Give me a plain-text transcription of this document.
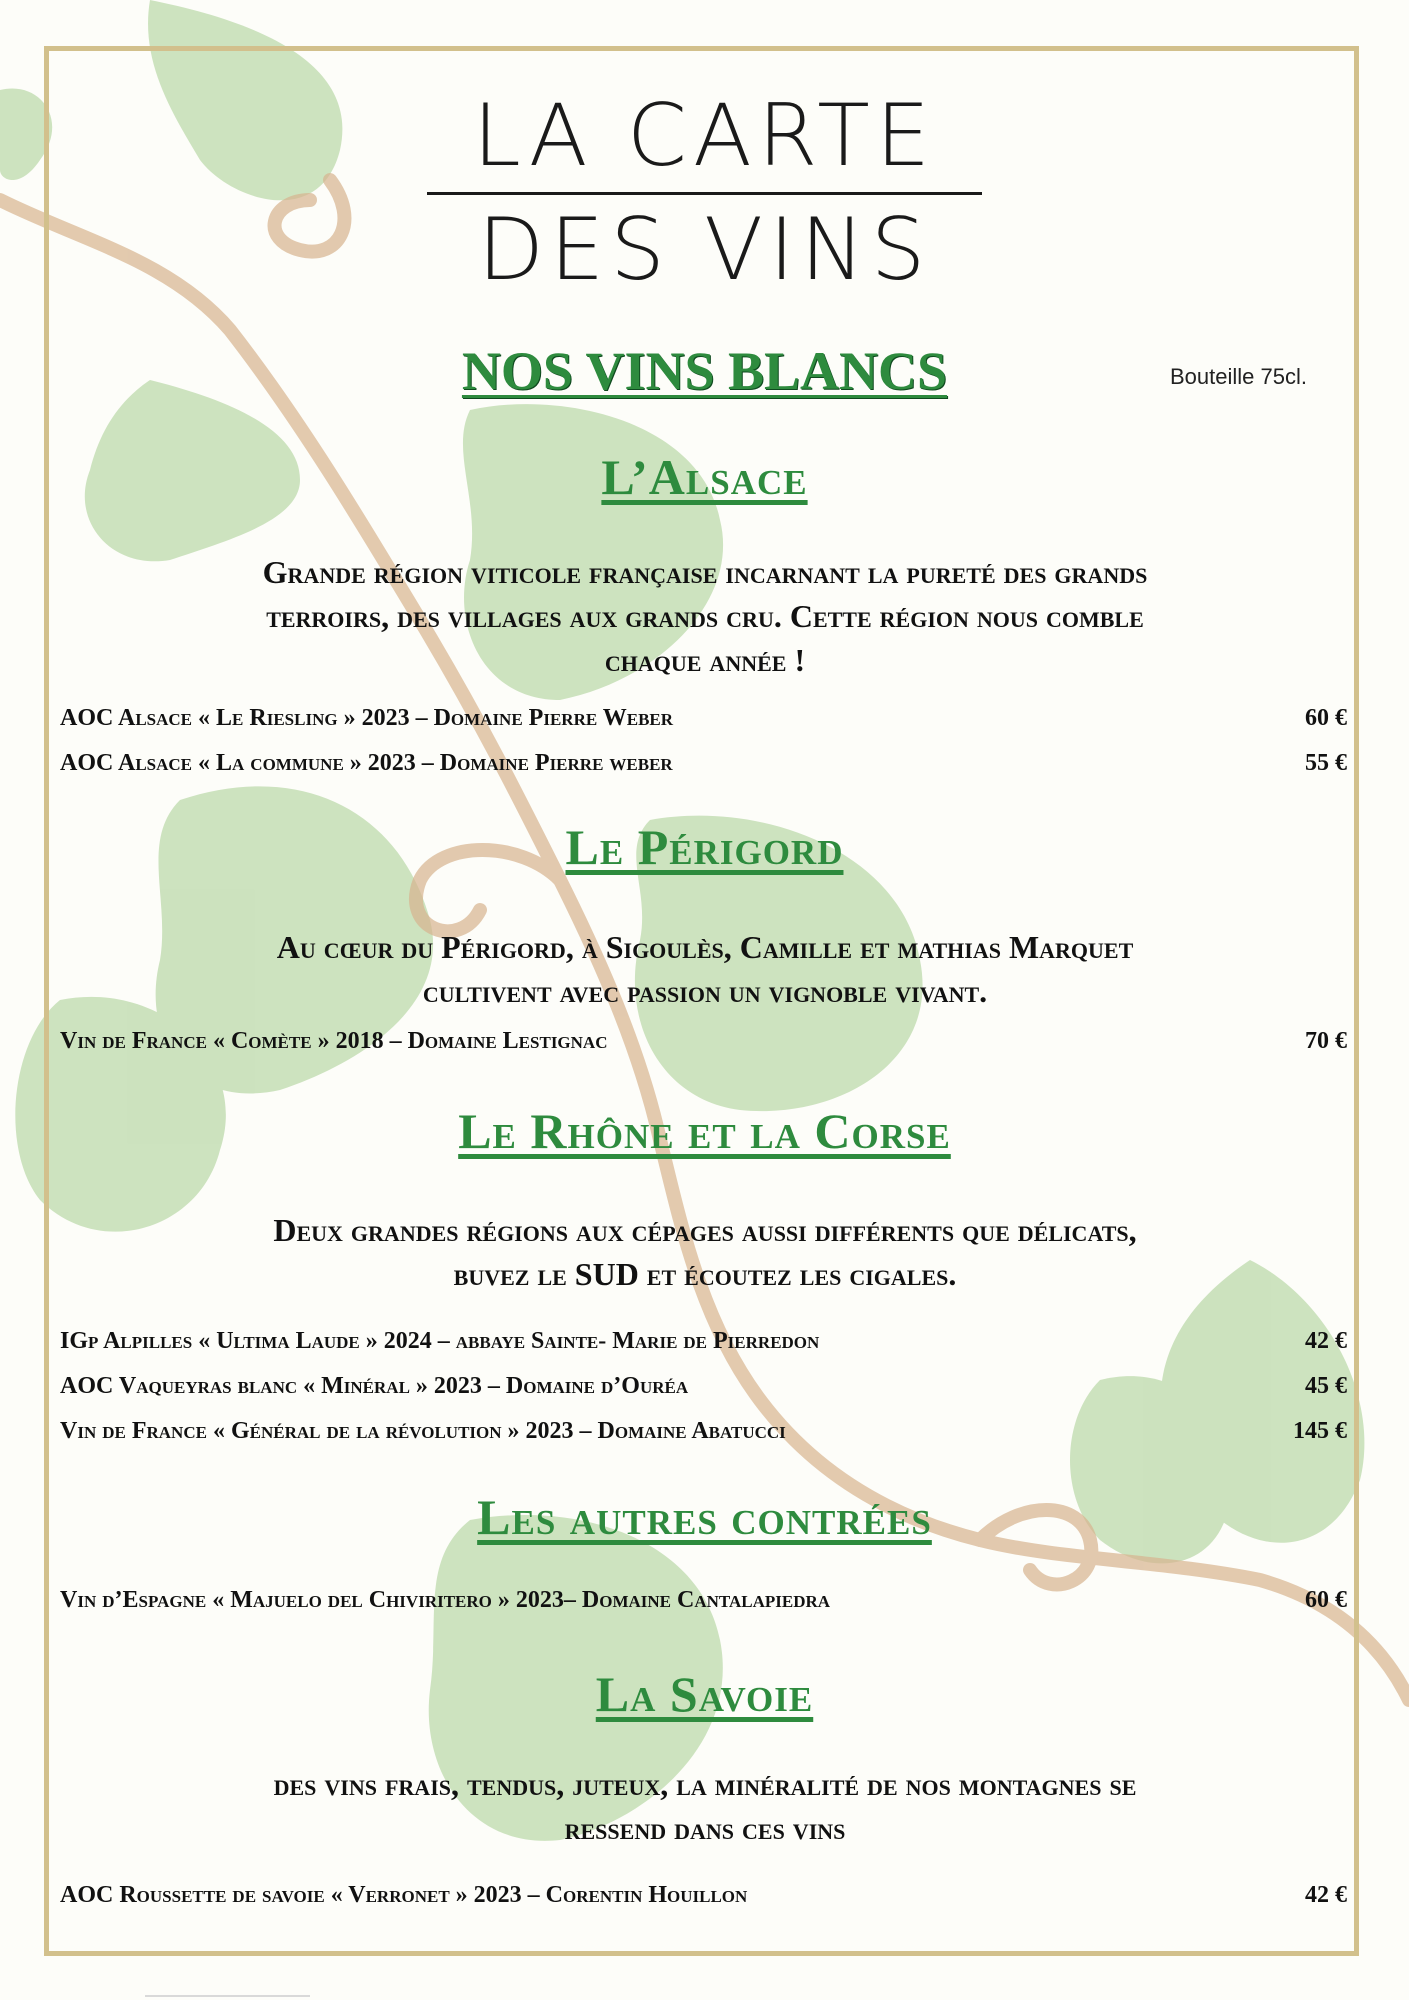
LA CARTE
DES VINS
NOS VINS BLANCS	Bouteille 75cl.
L’Alsace
Grande région viticole française incarnant la pureté des grands
terroirs, des villages aux grands cru. Cette région nous comble
chaque année !
AOC Alsace « Le Riesling » 2023 – Domaine Pierre Weber	60 €
AOC Alsace « La commune » 2023 – Domaine Pierre weber	55 €
Le Périgord
Au cœur du Périgord, à Sigoulès, Camille et mathias Marquet
cultivent avec passion un vignoble vivant.
Vin de France « Comète » 2018 – Domaine Lestignac	70 €
Le Rhône et la Corse
Deux grandes régions aux cépages aussi différents que délicats,
buvez le SUD et écoutez les cigales.
IGp Alpilles « Ultima Laude » 2024 – abbaye Sainte- Marie de Pierredon	42 €
AOC Vaqueyras blanc « Minéral » 2023 – Domaine d’Ouréa	45 €
Vin de France « Général de la révolution » 2023 – Domaine Abatucci	145 €
Les autres contrées
Vin d’Espagne « Majuelo del Chiviritero » 2023– Domaine Cantalapiedra	60 €
La Savoie
des vins frais, tendus, juteux, la minéralité de nos montagnes se
ressend dans ces vins
AOC Roussette de savoie « Verronet » 2023 – Corentin Houillon	42 €
